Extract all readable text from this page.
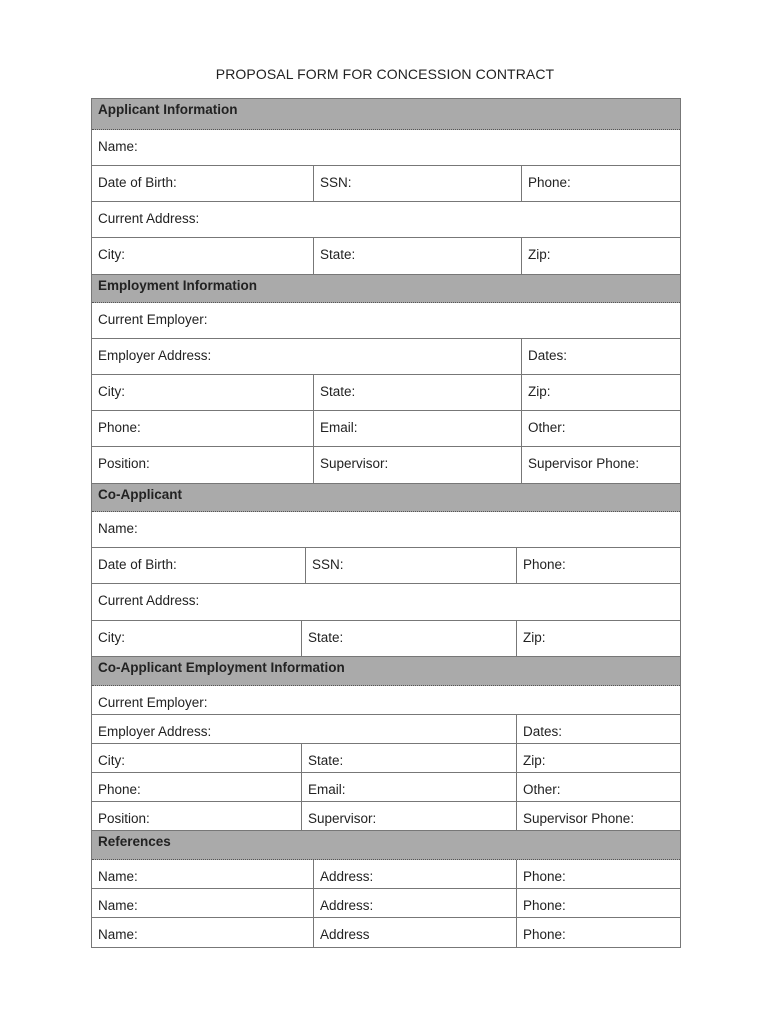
PROPOSAL FORM FOR CONCESSION CONTRACT
Applicant Information
Name:
Date of Birth:	SSN:	Phone:
Current Address:
City:	State:	Zip:
Employment Information
Current Employer:
Employer Address:	Dates:
City:	State:	Zip:
Phone:	Email:	Other:
Position:	Supervisor:	Supervisor Phone:
Co-Applicant
Name:
Date of Birth:	SSN:	Phone:
Current Address:
City:	State:	Zip:
Co-Applicant Employment Information
Current Employer:
Employer Address:	Dates:
City:	State:	Zip:
Phone:	Email:	Other:
Position:	Supervisor:	Supervisor Phone:
References
Name:	Address:	Phone:
Name:	Address:	Phone:
Name:	Address	Phone:
